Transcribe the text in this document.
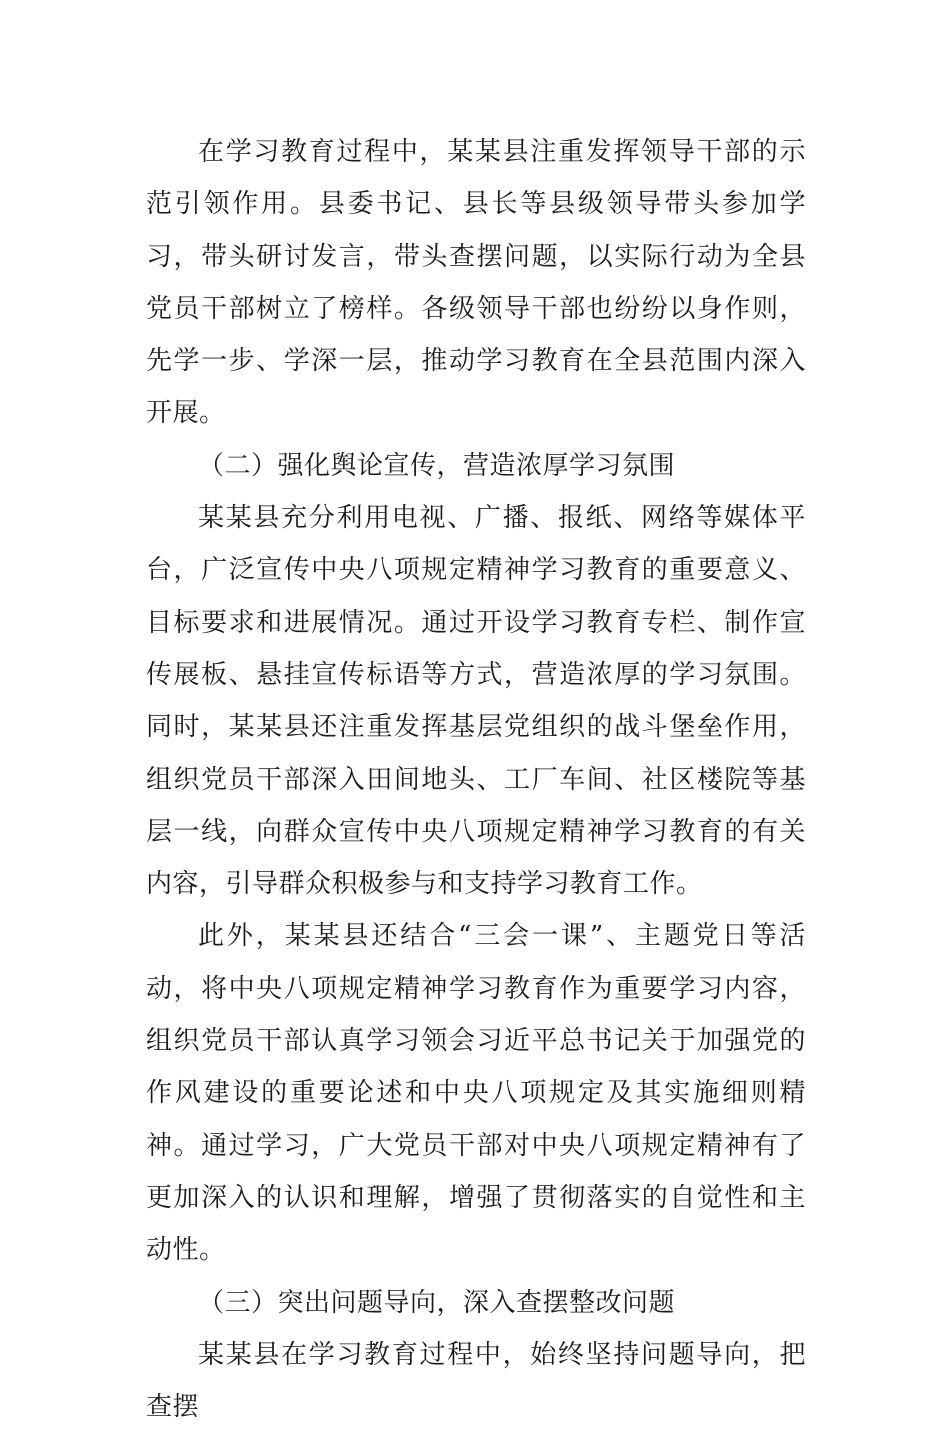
在学习教育过程中，某某县注重发挥领导干部的示范引领作用。县委书记、县长等县级领导带头参加学习，带头研讨发言，带头查摆问题，以实际行动为全县党员干部树立了榜样。各级领导干部也纷纷以身作则，先学一步、学深一层，推动学习教育在全县范围内深入开展。

（二）强化舆论宣传，营造浓厚学习氛围

某某县充分利用电视、广播、报纸、网络等媒体平台，广泛宣传中央八项规定精神学习教育的重要意义、目标要求和进展情况。通过开设学习教育专栏、制作宣传展板、悬挂宣传标语等方式，营造浓厚的学习氛围。同时，某某县还注重发挥基层党组织的战斗堡垒作用，组织党员干部深入田间地头、工厂车间、社区楼院等基层一线，向群众宣传中央八项规定精神学习教育的有关内容，引导群众积极参与和支持学习教育工作。

此外，某某县还结合“三会一课”、主题党日等活动，将中央八项规定精神学习教育作为重要学习内容，组织党员干部认真学习领会习近平总书记关于加强党的作风建设的重要论述和中央八项规定及其实施细则精神。通过学习，广大党员干部对中央八项规定精神有了更加深入的认识和理解，增强了贯彻落实的自觉性和主动性。

（三）突出问题导向，深入查摆整改问题

某某县在学习教育过程中，始终坚持问题导向，把查摆
